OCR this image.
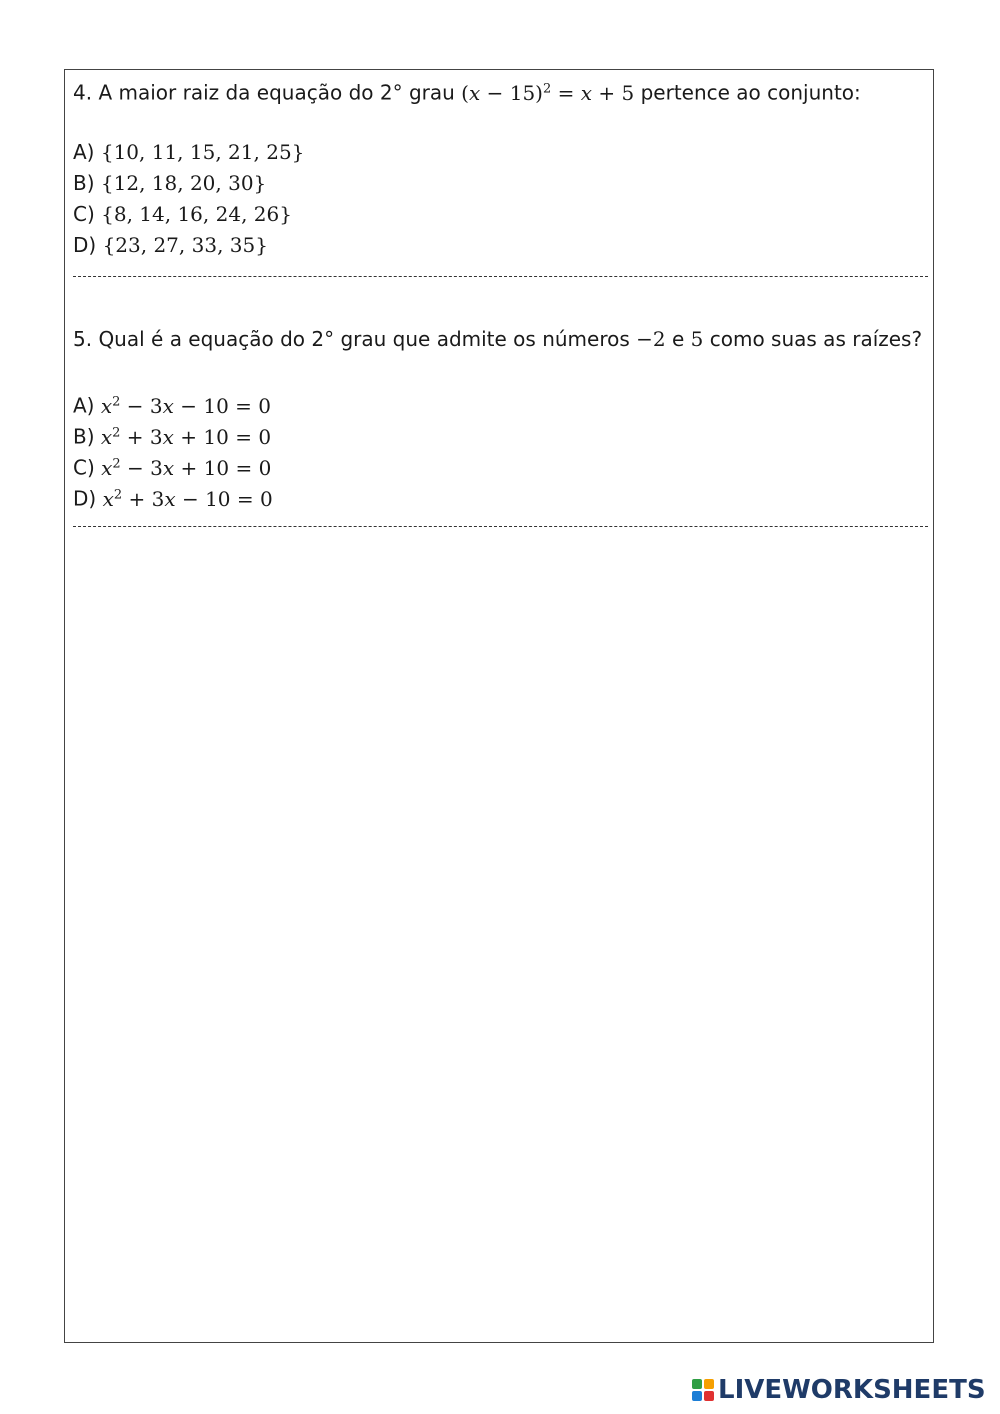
4. A maior raiz da equação do 2° grau $(x - 15)^2 = x + 5$ pertence ao conjunto:
A) {10, 11, 15, 21, 25}
B) {12, 18, 20, 30}
C) {8, 14, 16, 24, 26}
D) {23, 27, 33, 35}
5. Qual é a equação do 2° grau que admite os números −2 e 5 como suas as raízes?
A) $x^2 - 3x - 10 = 0$
B) $x^2 + 3x + 10 = 0$
C) $x^2 - 3x + 10 = 0$
D) $x^2 + 3x - 10 = 0$
LIVEWORKSHEETS
